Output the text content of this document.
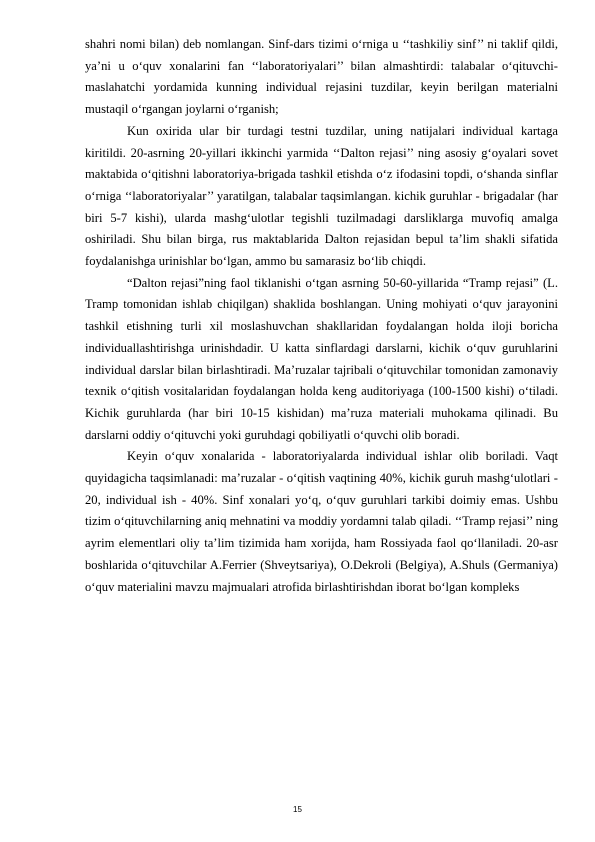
shahri nomi bilan) deb nomlangan. Sinf-dars tizimi o‘rniga u ‘‘tashkiliy sinf’’ ni taklif qildi, ya’ni u o‘quv xonalarini fan ‘‘laboratoriyalari’’ bilan almashtirdi: talabalar o‘qituvchi-maslahatchi yordamida kunning individual rejasini tuzdilar, keyin berilgan materialni mustaqil o‘rgangan joylarni o‘rganish;

Kun oxirida ular bir turdagi testni tuzdilar, uning natijalari individual kartaga kiritildi. 20-asrning 20-yillari ikkinchi yarmida ‘‘Dalton rejasi’’ ning asosiy g‘oyalari sovet maktabida o‘qitishni laboratoriya-brigada tashkil etishda o‘z ifodasini topdi, o‘shanda sinflar o‘rniga ‘‘laboratoriyalar’’ yaratilgan, talabalar taqsimlangan. kichik guruhlar - brigadalar (har biri 5-7 kishi), ularda mashg‘ulotlar tegishli tuzilmadagi darsliklarga muvofiq amalga oshiriladi. Shu bilan birga, rus maktablarida Dalton rejasidan bepul ta’lim shakli sifatida foydalanishga urinishlar bo‘lgan, ammo bu samarasiz bo‘lib chiqdi.

“Dalton rejasi”ning faol tiklanishi o‘tgan asrning 50-60-yillarida “Tramp rejasi” (L. Tramp tomonidan ishlab chiqilgan) shaklida boshlangan. Uning mohiyati o‘quv jarayonini tashkil etishning turli xil moslashuvchan shakllaridan foydalangan holda iloji boricha individuallashtirishga urinishdadir. U katta sinflardagi darslarni, kichik o‘quv guruhlarini individual darslar bilan birlashtiradi. Ma’ruzalar tajribali o‘qituvchilar tomonidan zamonaviy texnik o‘qitish vositalaridan foydalangan holda keng auditoriyaga (100-1500 kishi) o‘tiladi. Kichik guruhlarda (har biri 10-15 kishidan) ma’ruza materiali muhokama qilinadi. Bu darslarni oddiy o‘qituvchi yoki guruhdagi qobiliyatli o‘quvchi olib boradi.

Keyin o‘quv xonalarida - laboratoriyalarda individual ishlar olib boriladi. Vaqt quyidagicha taqsimlanadi: ma’ruzalar - o‘qitish vaqtining 40%, kichik guruh mashg‘ulotlari - 20, individual ish - 40%. Sinf xonalari yo‘q, o‘quv guruhlari tarkibi doimiy emas. Ushbu tizim o‘qituvchilarning aniq mehnatini va moddiy yordamni talab qiladi. ‘‘Tramp rejasi’’ ning ayrim elementlari oliy ta’lim tizimida ham xorijda, ham Rossiyada faol qo‘llaniladi. 20-asr boshlarida o‘qituvchilar A.Ferrier (Shveytsariya), O.Dekroli (Belgiya), A.Shuls (Germaniya) o‘quv materialini mavzu majmualari atrofida birlashtirishdan iborat bo‘lgan kompleks

15
